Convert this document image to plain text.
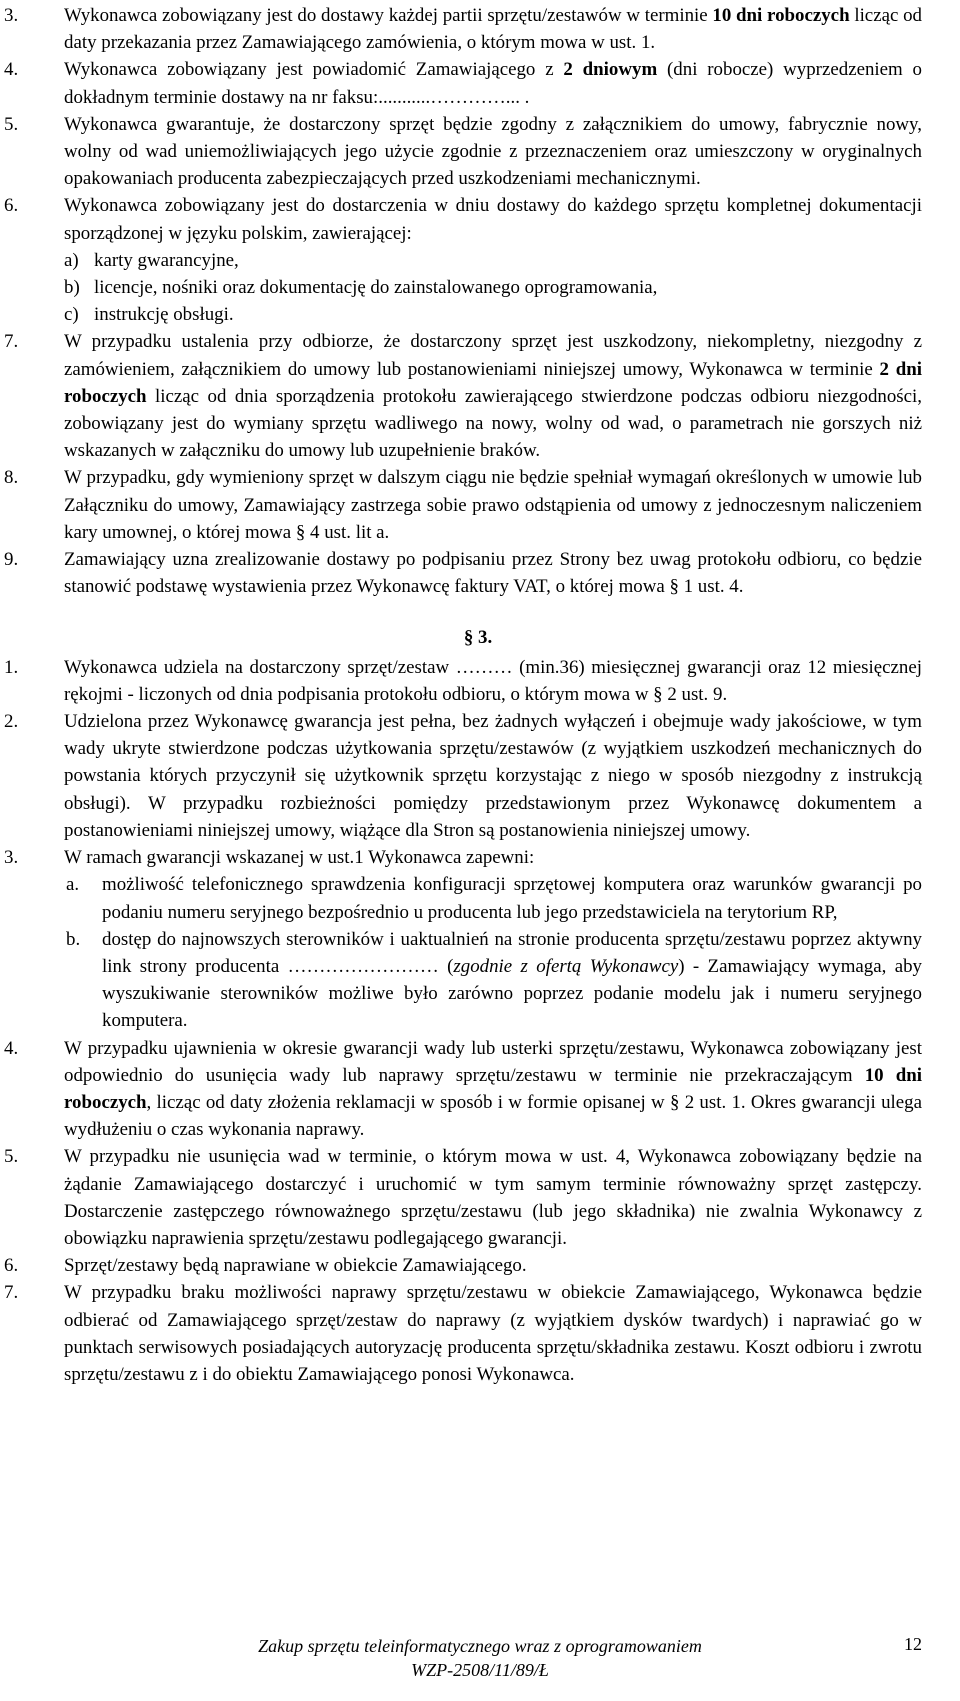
3. Wykonawca zobowiązany jest do dostawy każdej partii sprzętu/zestawów w terminie 10 dni roboczych licząc od daty przekazania przez Zamawiającego zamówienia, o którym mowa w ust. 1.
4. Wykonawca zobowiązany jest powiadomić Zamawiającego z 2 dniowym (dni robocze) wyprzedzeniem o dokładnym terminie dostawy na nr faksu:...........…………... .
5. Wykonawca gwarantuje, że dostarczony sprzęt będzie zgodny z załącznikiem do umowy, fabrycznie nowy, wolny od wad uniemożliwiających jego użycie zgodnie z przeznaczeniem oraz umieszczony w oryginalnych opakowaniach producenta zabezpieczających przed uszkodzeniami mechanicznymi.
6. Wykonawca zobowiązany jest do dostarczenia w dniu dostawy do każdego sprzętu kompletnej dokumentacji sporządzonej w języku polskim, zawierającej:
a) karty gwarancyjne,
b) licencje, nośniki oraz dokumentację do zainstalowanego oprogramowania,
c) instrukcję obsługi.
7. W przypadku ustalenia przy odbiorze, że dostarczony sprzęt jest uszkodzony, niekompletny, niezgodny z zamówieniem, załącznikiem do umowy lub postanowieniami niniejszej umowy, Wykonawca w terminie 2 dni roboczych licząc od dnia sporządzenia protokołu zawierającego stwierdzone podczas odbioru niezgodności, zobowiązany jest do wymiany sprzętu wadliwego na nowy, wolny od wad, o parametrach nie gorszych niż wskazanych w załączniku do umowy lub uzupełnienie braków.
8. W przypadku, gdy wymieniony sprzęt w dalszym ciągu nie będzie spełniał wymagań określonych w umowie lub Załączniku do umowy, Zamawiający zastrzega sobie prawo odstąpienia od umowy z jednoczesnym naliczeniem kary umownej, o której mowa § 4 ust. lit a.
9. Zamawiający uzna zrealizowanie dostawy po podpisaniu przez Strony bez uwag protokołu odbioru, co będzie stanowić podstawę wystawienia przez Wykonawcę faktury VAT, o której mowa § 1 ust. 4.
§ 3.
1. Wykonawca udziela na dostarczony sprzęt/zestaw ……… (min.36) miesięcznej gwarancji oraz 12 miesięcznej rękojmi - liczonych od dnia podpisania protokołu odbioru, o którym mowa w § 2 ust. 9.
2. Udzielona przez Wykonawcę gwarancja jest pełna, bez żadnych wyłączeń i obejmuje wady jakościowe, w tym wady ukryte stwierdzone podczas użytkowania sprzętu/zestawów (z wyjątkiem uszkodzeń mechanicznych do powstania których przyczynił się użytkownik sprzętu korzystając z niego w sposób niezgodny z instrukcją obsługi). W przypadku rozbieżności pomiędzy przedstawionym przez Wykonawcę dokumentem a postanowieniami niniejszej umowy, wiążące dla Stron są postanowienia niniejszej umowy.
3. W ramach gwarancji wskazanej w ust.1 Wykonawca zapewni:
a. możliwość telefonicznego sprawdzenia konfiguracji sprzętowej komputera oraz warunków gwarancji po podaniu numeru seryjnego bezpośrednio u producenta lub jego przedstawiciela na terytorium RP,
b. dostęp do najnowszych sterowników i uaktualnień na stronie producenta sprzętu/zestawu poprzez aktywny link strony producenta …………………… (zgodnie z ofertą Wykonawcy) - Zamawiający wymaga, aby wyszukiwanie sterowników możliwe było zarówno poprzez podanie modelu jak i numeru seryjnego komputera.
4. W przypadku ujawnienia w okresie gwarancji wady lub usterki sprzętu/zestawu, Wykonawca zobowiązany jest odpowiednio do usunięcia wady lub naprawy sprzętu/zestawu w terminie nie przekraczającym 10 dni roboczych, licząc od daty złożenia reklamacji w sposób i w formie opisanej w § 2 ust. 1. Okres gwarancji ulega wydłużeniu o czas wykonania naprawy.
5. W przypadku nie usunięcia wad w terminie, o którym mowa w ust. 4, Wykonawca zobowiązany będzie na żądanie Zamawiającego dostarczyć i uruchomić w tym samym terminie równoważny sprzęt zastępczy. Dostarczenie zastępczego równoważnego sprzętu/zestawu (lub jego składnika) nie zwalnia Wykonawcy z obowiązku naprawienia sprzętu/zestawu podlegającego gwarancji.
6. Sprzęt/zestawy będą naprawiane w obiekcie Zamawiającego.
7. W przypadku braku możliwości naprawy sprzętu/zestawu w obiekcie Zamawiającego, Wykonawca będzie odbierać od Zamawiającego sprzęt/zestaw do naprawy (z wyjątkiem dysków twardych) i naprawiać go w punktach serwisowych posiadających autoryzację producenta sprzętu/składnika zestawu. Koszt odbioru i zwrotu sprzętu/zestawu z i do obiektu Zamawiającego ponosi Wykonawca.
Zakup sprzętu teleinformatycznego wraz z oprogramowaniem
WZP-2508/11/89/Ł
12
